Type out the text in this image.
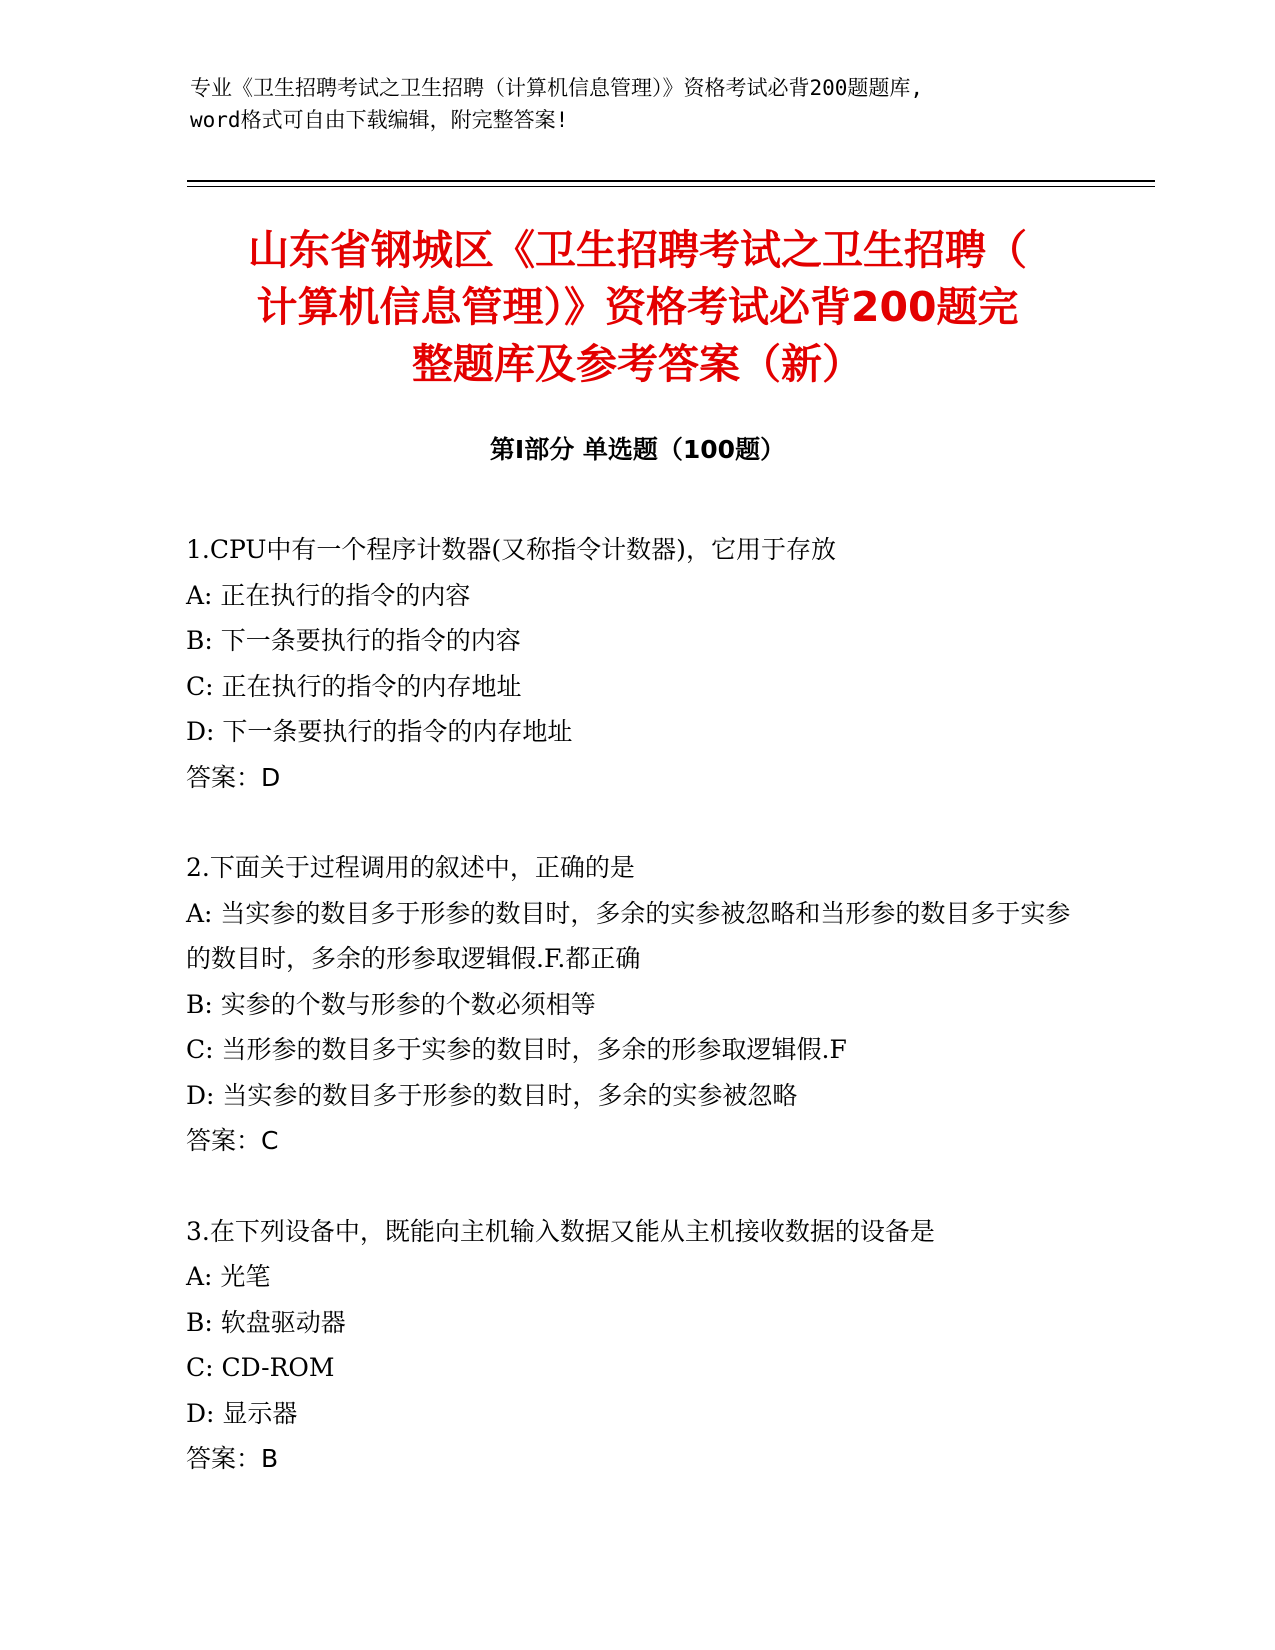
专业《卫生招聘考试之卫生招聘（计算机信息管理）》资格考试必背200题题库,
word格式可自由下载编辑，附完整答案!
山东省钢城区《卫生招聘考试之卫生招聘（
计算机信息管理）》资格考试必背200题完
整题库及参考答案（新）
第I部分 单选题（100题）
1.CPU中有一个程序计数器(又称指令计数器)，它用于存放
A: 正在执行的指令的内容
B: 下一条要执行的指令的内容
C: 正在执行的指令的内存地址
D: 下一条要执行的指令的内存地址
答案：D
2.下面关于过程调用的叙述中，正确的是
A: 当实参的数目多于形参的数目时，多余的实参被忽略和当形参的数目多于实参的数目时，多余的形参取逻辑假.F.都正确
B: 实参的个数与形参的个数必须相等
C: 当形参的数目多于实参的数目时，多余的形参取逻辑假.F
D: 当实参的数目多于形参的数目时，多余的实参被忽略
答案：C
3.在下列设备中，既能向主机输入数据又能从主机接收数据的设备是
A: 光笔
B: 软盘驱动器
C: CD-ROM
D: 显示器
答案：B
